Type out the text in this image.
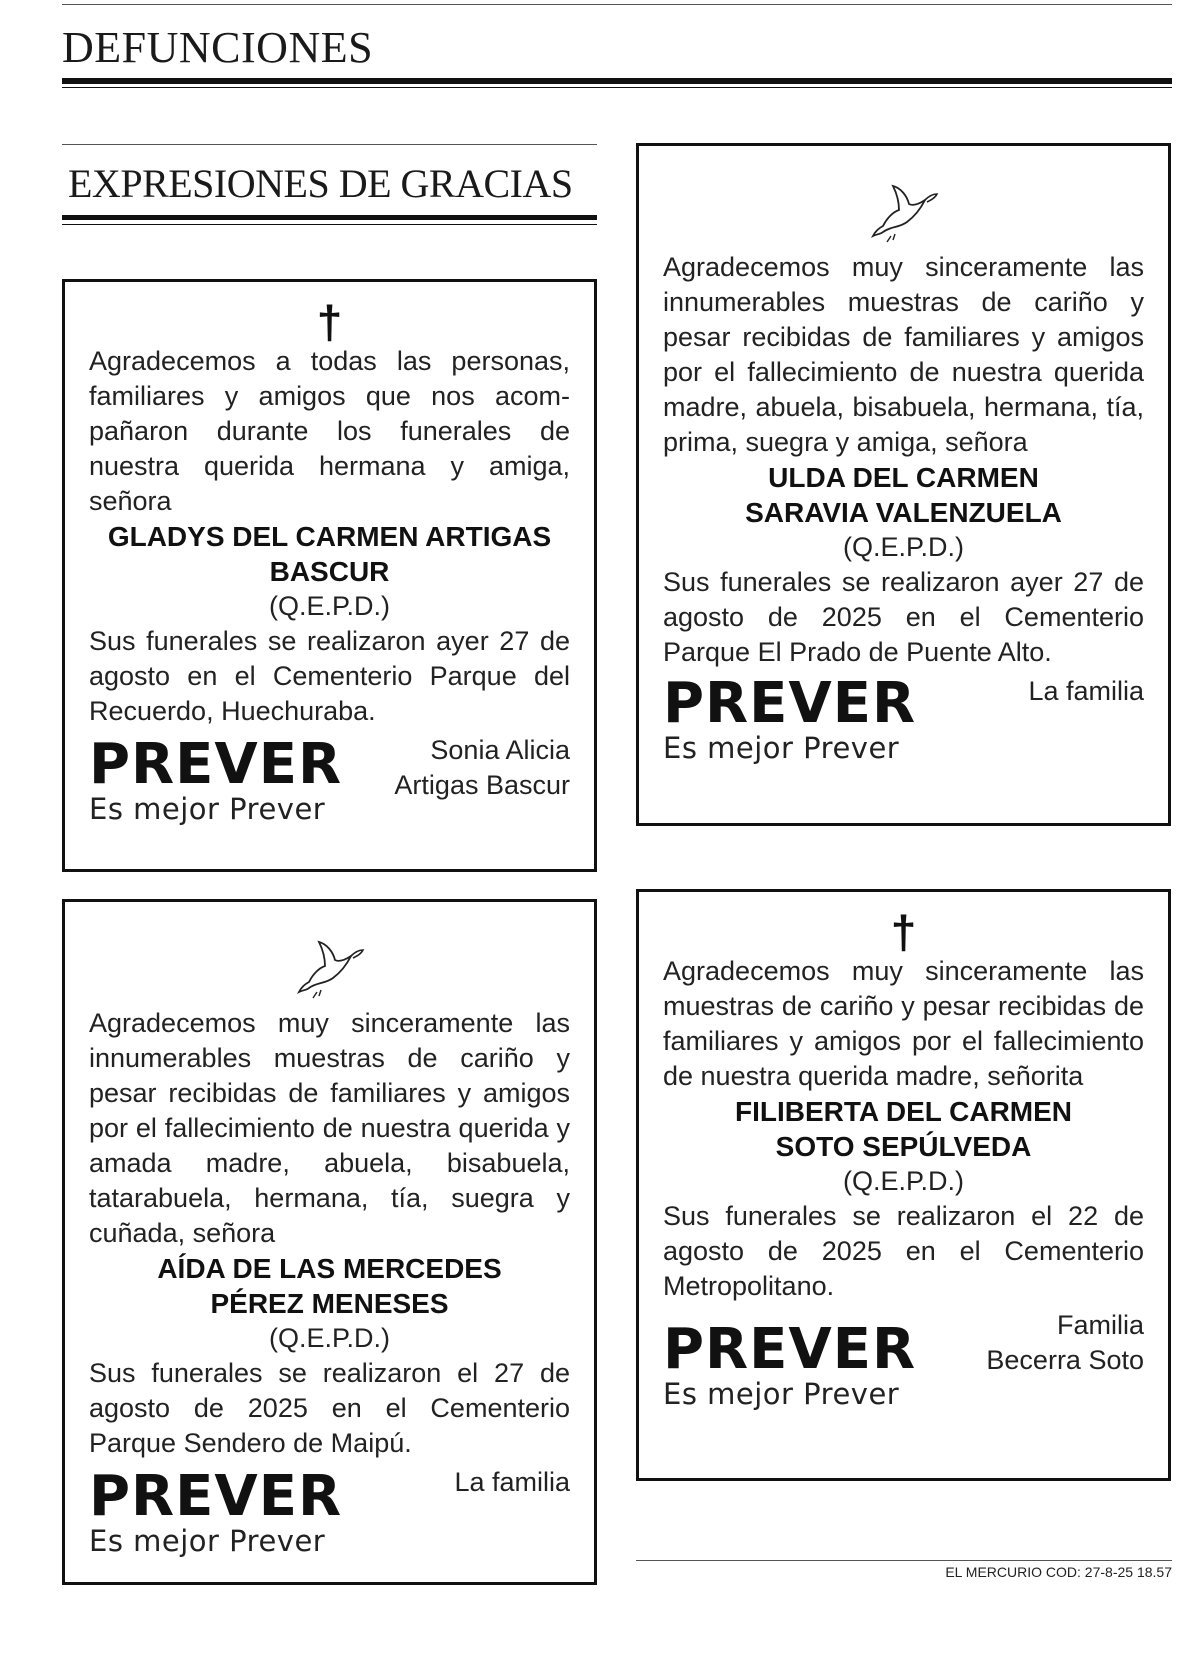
DEFUNCIONES
EXPRESIONES DE GRACIAS
†

Agradecemos a todas las personas, familiares y amigos que nos acompañaron durante los funerales de nuestra querida hermana y amiga, señora

GLADYS DEL CARMEN ARTIGAS

BASCUR

(Q.E.P.D.)

Sus funerales se realizaron ayer 27 de agosto en el Cementerio Parque del Recuerdo, Huechuraba.

PREVER
Es mejor Prever
Sonia Alicia
Artigas Bascur

Agradecemos muy sinceramente las innumerables muestras de cariño y pesar recibidas de familiares y amigos por el fallecimiento de nuestra querida madre, abuela, bisabuela, hermana, tía, prima, suegra y amiga, señora

ULDA DEL CARMEN

SARAVIA VALENZUELA

(Q.E.P.D.)

Sus funerales se realizaron ayer 27 de agosto de 2025 en el Cementerio Parque El Prado de Puente Alto.

PREVER
Es mejor Prever
La familia

Agradecemos muy sinceramente las innumerables muestras de cariño y pesar recibidas de familiares y amigos por el fallecimiento de nuestra querida y amada madre, abuela, bisabuela, tatarabuela, hermana, tía, suegra y cuñada, señora

AÍDA DE LAS MERCEDES

PÉREZ MENESES

(Q.E.P.D.)

Sus funerales se realizaron el 27 de agosto de 2025 en el Cementerio Parque Sendero de Maipú.

PREVER
Es mejor Prever
La familia
†

Agradecemos muy sinceramente las muestras de cariño y pesar recibidas de familiares y amigos por el fallecimiento de nuestra querida madre, señorita

FILIBERTA DEL CARMEN

SOTO SEPÚLVEDA

(Q.E.P.D.)

Sus funerales se realizaron el 22 de agosto de 2025 en el Cementerio Metropolitano.

PREVER
Es mejor Prever
Familia
Becerra Soto
EL MERCURIO COD: 27-8-25 18.57
